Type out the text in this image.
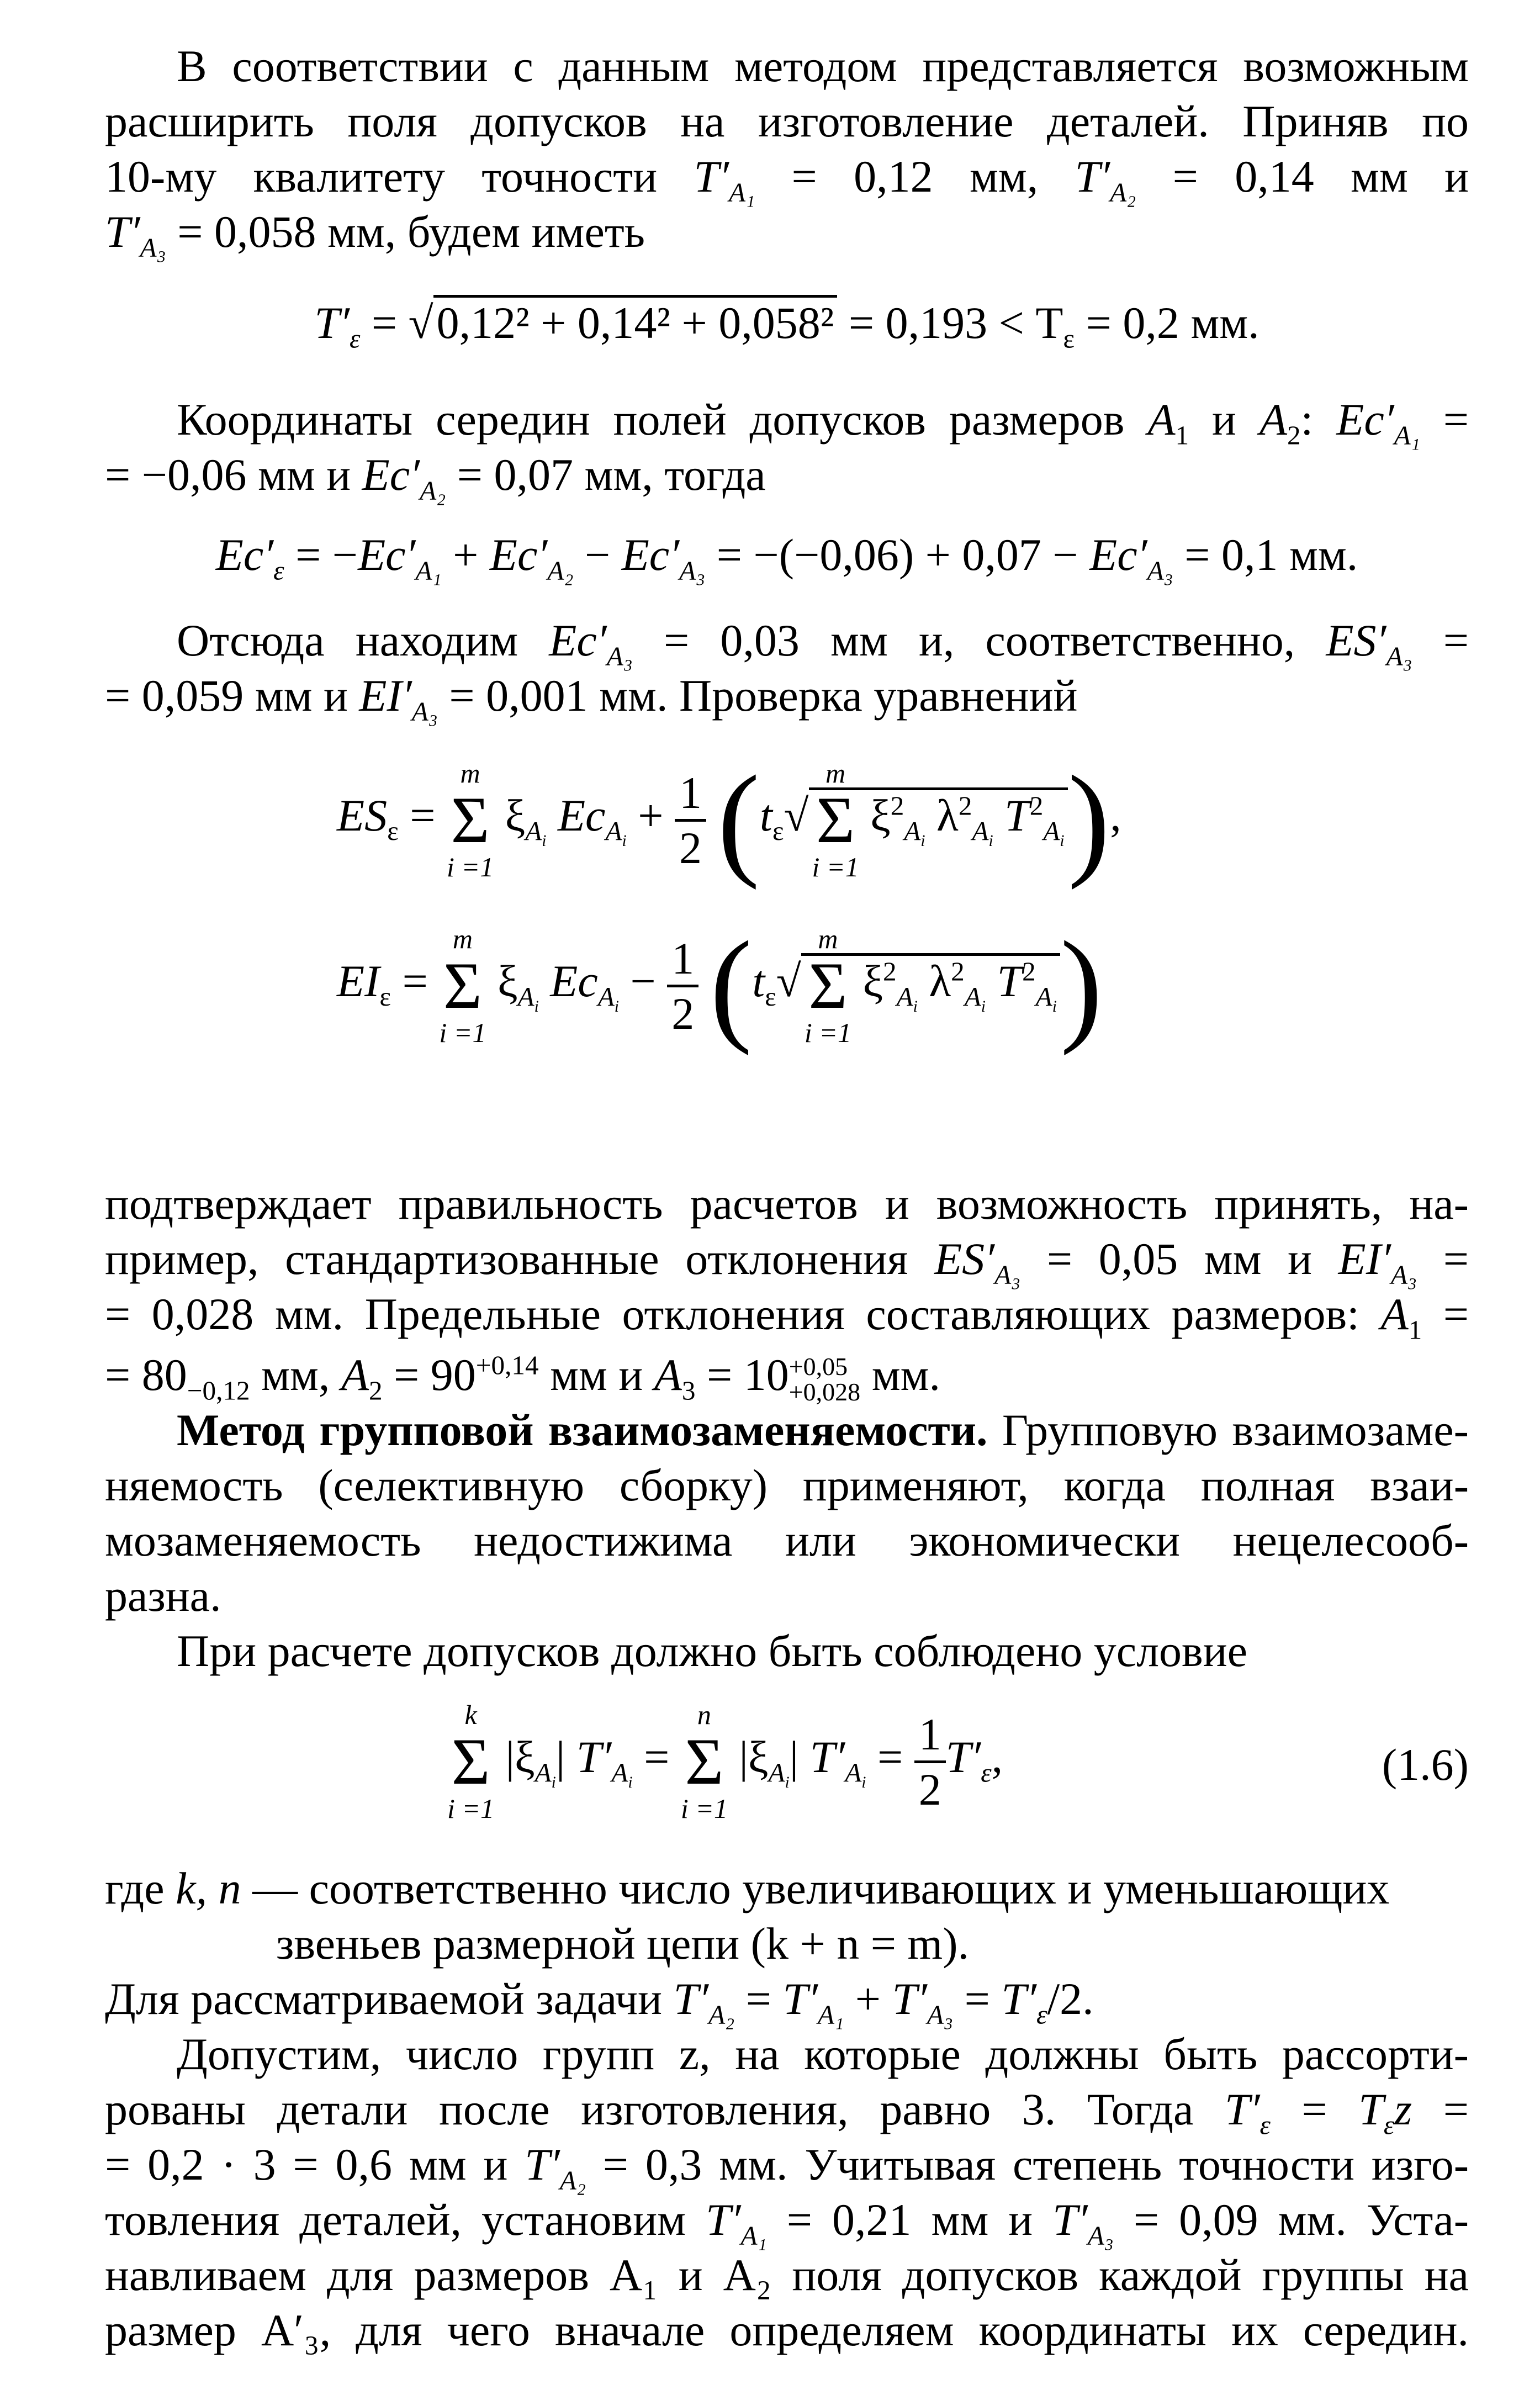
В соответствии с данным методом представляется возможным
расширить поля допусков на изготовление деталей. Приняв по
10-му квалитету точности $T'_{A_1} = 0,12$ мм, $T'_{A_2} = 0,14$ мм и
$T'_{A_3} = 0,058$ мм, будем иметь
$T'_\varepsilon = √0,12^2 + 0,14^2 + 0,058^2 = 0,193 < T_\varepsilon = 0,2$ мм.
Координаты середин полей допусков размеров $A_1$ и $A_2$: $Ec'_{A_1}$ =
= −0,06 мм и $Ec'_{A_2} = 0,07$ мм, тогда
$Ec'_\varepsilon = -Ec'_{A_1} + Ec'_{A_2} - Ec'_{A_3} = -(-0,06) + 0,07 - Ec'_{A_3} = 0,1$ мм.
Отсюда находим $Ec'_{A_3} = 0,03$ мм и, соответственно, $ES'_{A_3}$ =
= 0,059 мм и $EI'_{A_3} = 0,001$ мм. Проверка уравнений
$ES_\varepsilon$ =
m
Σ
i =1
$\xi_{A_i}$ $Ec_{A_i} + \frac{1}{2} (t_\varepsilon√$
m
Σ
i =1
$\xi^2_{A_i}$ $\lambda^2_{A_i}$ $T^2_{A_i}$),
$EI_\varepsilon$ =
m
Σ
i =1
$\xi_{A_i}$ $Ec_{A_i} - \frac{1}{2} (t_\varepsilon√$
m
Σ
i =1
$\xi^2_{A_i}$ $\lambda^2_{A_i}$ $T^2_{A_i}$)
подтверждает правильность расчетов и возможность принять, на-
пример, стандартизованные отклонения $ES'_{A_3} = 0,05$ мм и $EI'_{A_3}$ =
= 0,028 мм. Предельные отклонения составляющих размеров: $A_1$ =
= $80_{-0,12}$ мм, $A_2 = 90^{+0,14}$ мм и $A_3 = 10 +0,05$
+0,028 мм.
Метод групповой взаимозаменяемости. Групповую взаимозаме-
няемость (селективную сборку) применяют, когда полная взаи-
мозаменяемость недостижима или экономически нецелесооб-
разна.
При расчете допусков должно быть соблюдено условие
k
Σ
i =1
$|\xi_{A_i}|$ $T'_{A_i}$ =
n
Σ
i =1
$|\xi_{A_i}|$ $T'_{A_i} = \frac{1}{2} T'_\varepsilon$,	(1.6)
где k, n — соответственно число увеличивающих и уменьшающих
звеньев размерной цепи (k + n = m).
Для рассматриваемой задачи $T'_{A_2} = T'_{A_1} + T'_{A_3} = T'_\varepsilon/2$.
Допустим, число групп z, на которые должны быть рассорти-
рованы детали после изготовления, равно 3. Тогда $T'_\varepsilon = T_\varepsilon z$ =
= 0,2 · 3 = 0,6 мм и $T'_{A_2} = 0,3$ мм. Учитывая степень точности изго-
товления деталей, установим $T'_{A_1} = 0,21$ мм и $T'_{A_3} = 0,09$ мм. Уста-
навливаем для размеров A₁ и A₂ поля допусков каждой группы на
размер A′₃, для чего вначале определяем координаты их середин.
